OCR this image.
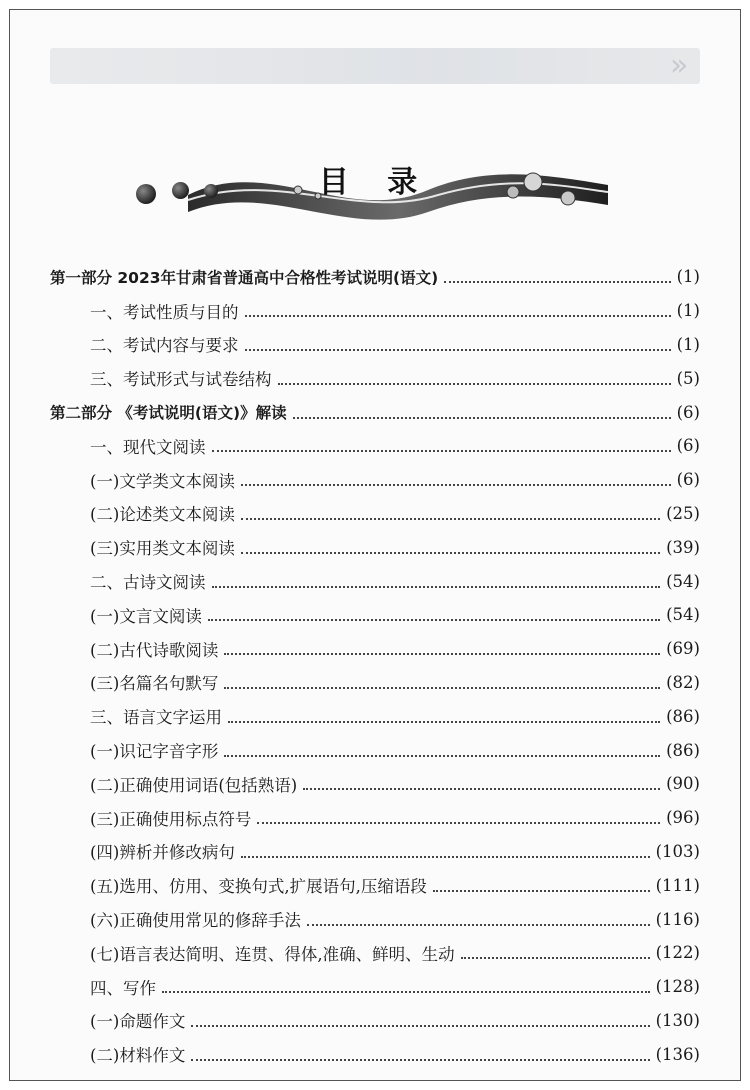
»
目 录
第一部分 2023年甘肃省普通高中合格性考试说明(语文)	(1)
一、考试性质与目的	(1)
二、考试内容与要求	(1)
三、考试形式与试卷结构	(5)
第二部分 《考试说明(语文)》解读	(6)
一、现代文阅读	(6)
(一)文学类文本阅读	(6)
(二)论述类文本阅读	(25)
(三)实用类文本阅读	(39)
二、古诗文阅读	(54)
(一)文言文阅读	(54)
(二)古代诗歌阅读	(69)
(三)名篇名句默写	(82)
三、语言文字运用	(86)
(一)识记字音字形	(86)
(二)正确使用词语(包括熟语)	(90)
(三)正确使用标点符号	(96)
(四)辨析并修改病句	(103)
(五)选用、仿用、变换句式,扩展语句,压缩语段	(111)
(六)正确使用常见的修辞手法	(116)
(七)语言表达简明、连贯、得体,准确、鲜明、生动	(122)
四、写作	(128)
(一)命题作文	(130)
(二)材料作文	(136)
